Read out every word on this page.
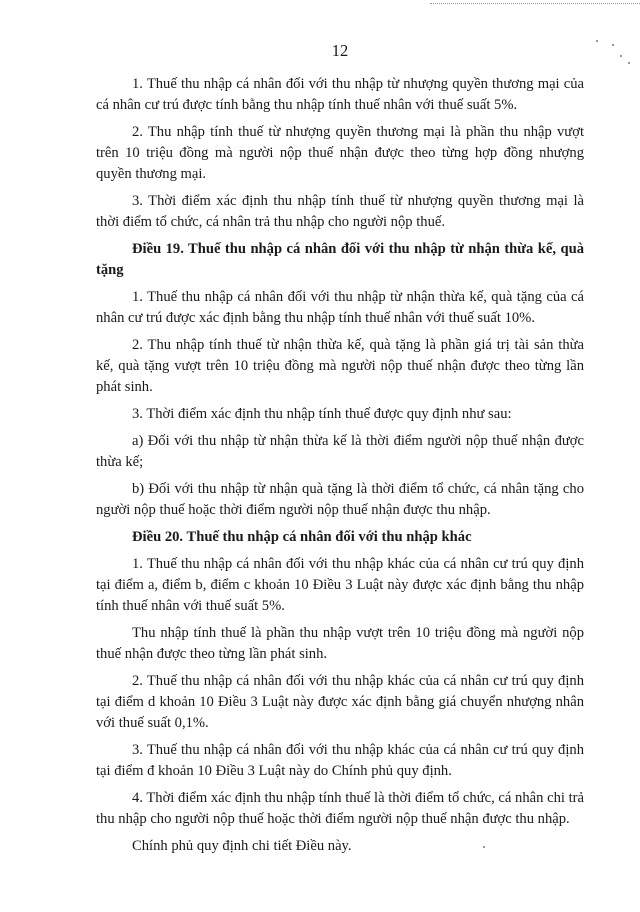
12

1. Thuế thu nhập cá nhân đối với thu nhập từ nhượng quyền thương mại của cá nhân cư trú được tính bằng thu nhập tính thuế nhân với thuế suất 5%.

2. Thu nhập tính thuế từ nhượng quyền thương mại là phần thu nhập vượt trên 10 triệu đồng mà người nộp thuế nhận được theo từng hợp đồng nhượng quyền thương mại.

3. Thời điểm xác định thu nhập tính thuế từ nhượng quyền thương mại là thời điểm tổ chức, cá nhân trả thu nhập cho người nộp thuế.

Điều 19. Thuế thu nhập cá nhân đối với thu nhập từ nhận thừa kế, quà tặng

1. Thuế thu nhập cá nhân đối với thu nhập từ nhận thừa kế, quà tặng của cá nhân cư trú được xác định bằng thu nhập tính thuế nhân với thuế suất 10%.

2. Thu nhập tính thuế từ nhận thừa kế, quà tặng là phần giá trị tài sản thừa kế, quà tặng vượt trên 10 triệu đồng mà người nộp thuế nhận được theo từng lần phát sinh.

3. Thời điểm xác định thu nhập tính thuế được quy định như sau:

a) Đối với thu nhập từ nhận thừa kế là thời điểm người nộp thuế nhận được thừa kế;

b) Đối với thu nhập từ nhận quà tặng là thời điểm tổ chức, cá nhân tặng cho người nộp thuế hoặc thời điểm người nộp thuế nhận được thu nhập.

Điều 20. Thuế thu nhập cá nhân đối với thu nhập khác

1. Thuế thu nhập cá nhân đối với thu nhập khác của cá nhân cư trú quy định tại điểm a, điểm b, điểm c khoản 10 Điều 3 Luật này được xác định bằng thu nhập tính thuế nhân với thuế suất 5%.

Thu nhập tính thuế là phần thu nhập vượt trên 10 triệu đồng mà người nộp thuế nhận được theo từng lần phát sinh.

2. Thuế thu nhập cá nhân đối với thu nhập khác của cá nhân cư trú quy định tại điểm d khoản 10 Điều 3 Luật này được xác định bằng giá chuyển nhượng nhân với thuế suất 0,1%.

3. Thuế thu nhập cá nhân đối với thu nhập khác của cá nhân cư trú quy định tại điểm đ khoản 10 Điều 3 Luật này do Chính phủ quy định.

4. Thời điểm xác định thu nhập tính thuế là thời điểm tổ chức, cá nhân chi trả thu nhập cho người nộp thuế hoặc thời điểm người nộp thuế nhận được thu nhập.

Chính phủ quy định chi tiết Điều này.
